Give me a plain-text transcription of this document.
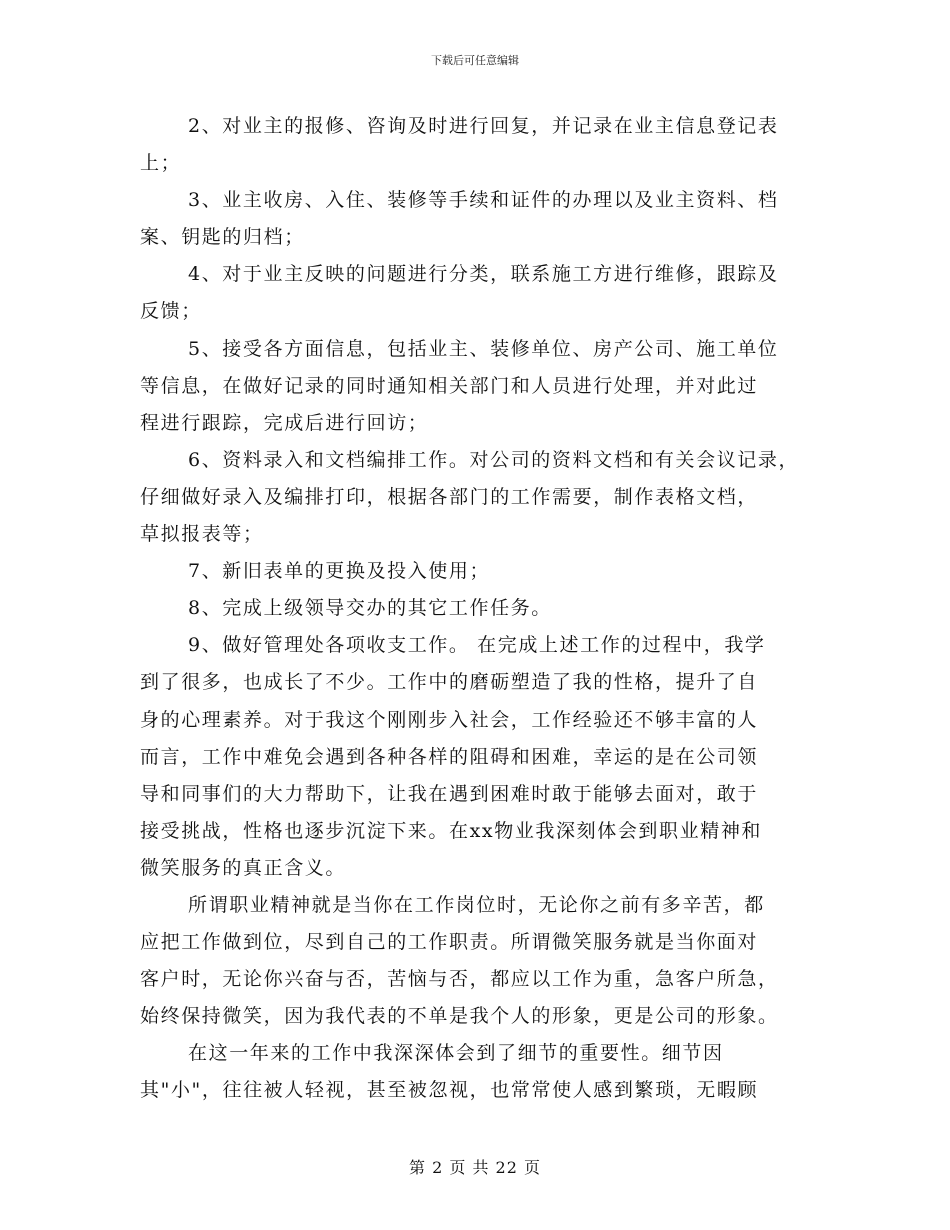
下载后可任意编辑
2、对业主的报修、咨询及时进行回复，并记录在业主信息登记表
上；
3、业主收房、入住、装修等手续和证件的办理以及业主资料、档
案、钥匙的归档；
4、对于业主反映的问题进行分类，联系施工方进行维修，跟踪及
反馈；
5、接受各方面信息，包括业主、装修单位、房产公司、施工单位
等信息，在做好记录的同时通知相关部门和人员进行处理，并对此过
程进行跟踪，完成后进行回访；
6、资料录入和文档编排工作。对公司的资料文档和有关会议记录，
仔细做好录入及编排打印，根据各部门的工作需要，制作表格文档，
草拟报表等；
7、新旧表单的更换及投入使用；
8、完成上级领导交办的其它工作任务。
9、做好管理处各项收支工作。 在完成上述工作的过程中，我学
到了很多，也成长了不少。工作中的磨砺塑造了我的性格，提升了自
身的心理素养。对于我这个刚刚步入社会，工作经验还不够丰富的人
而言，工作中难免会遇到各种各样的阻碍和困难，幸运的是在公司领
导和同事们的大力帮助下，让我在遇到困难时敢于能够去面对，敢于
接受挑战，性格也逐步沉淀下来。在xx物业我深刻体会到职业精神和
微笑服务的真正含义。
所谓职业精神就是当你在工作岗位时，无论你之前有多辛苦，都
应把工作做到位，尽到自己的工作职责。所谓微笑服务就是当你面对
客户时，无论你兴奋与否，苦恼与否，都应以工作为重，急客户所急，
始终保持微笑，因为我代表的不单是我个人的形象，更是公司的形象。
在这一年来的工作中我深深体会到了细节的重要性。细节因
其"小"，往往被人轻视，甚至被忽视，也常常使人感到繁琐，无暇顾
第 2 页 共 22 页
